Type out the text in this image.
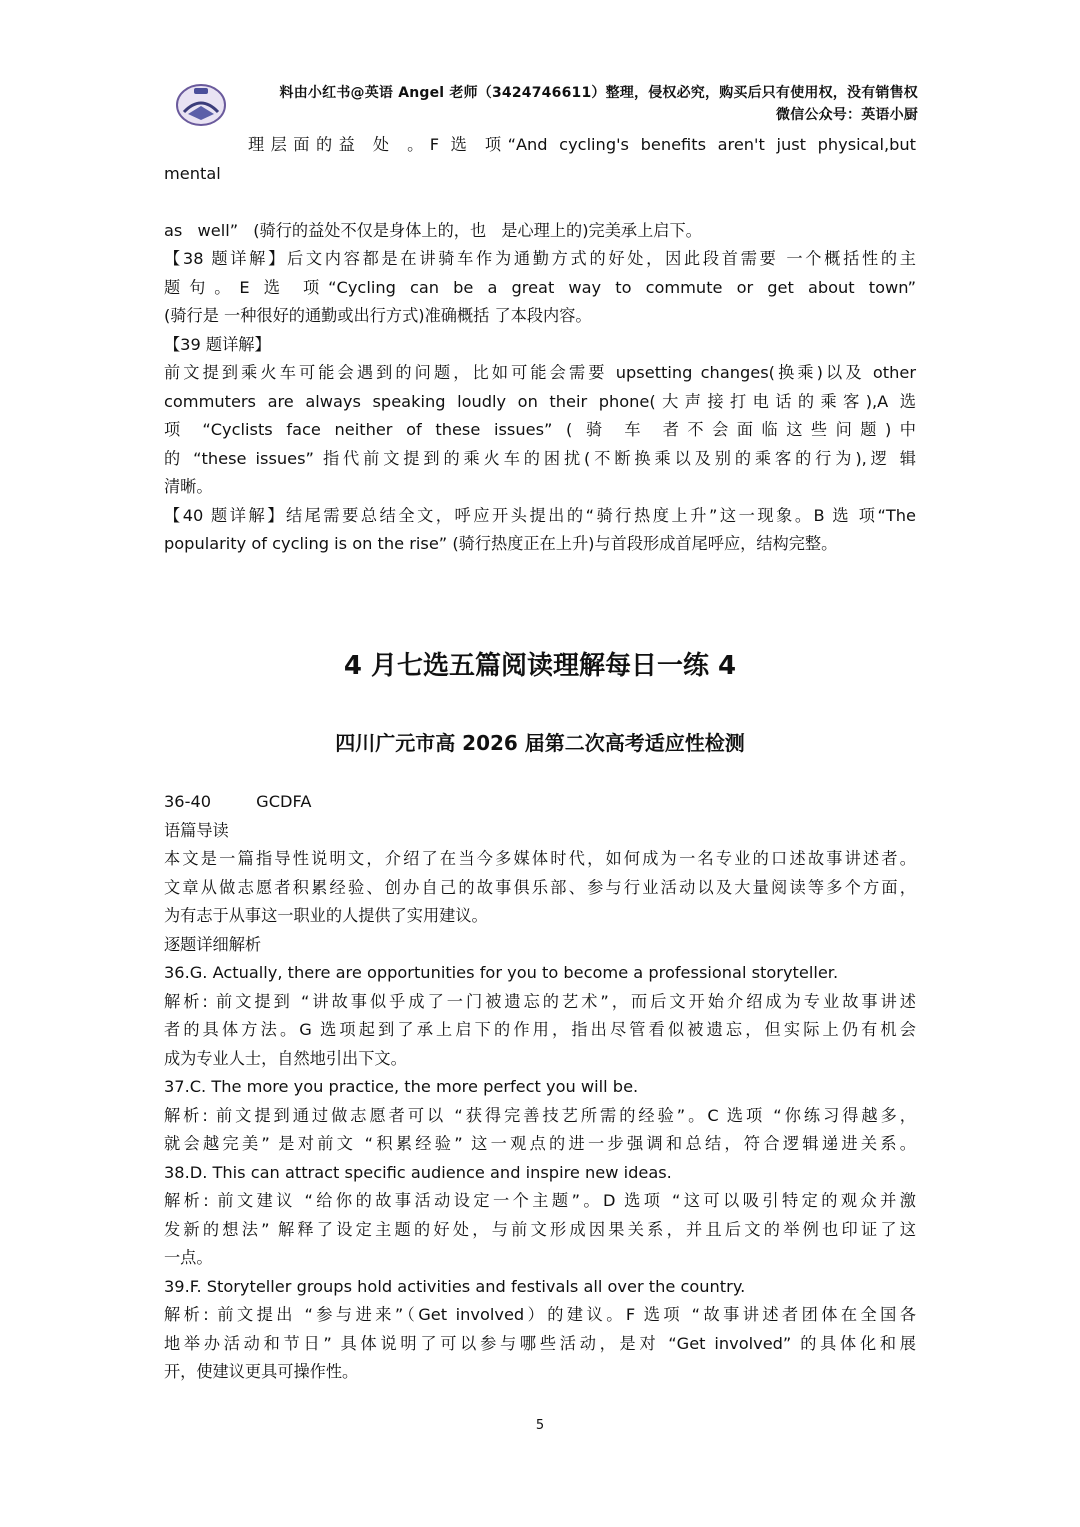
料由小红书@英语 Angel 老师（3424746611）整理，侵权必究，购买后只有使用权，没有销售权
微信公众号：英语小厨

理层面的益 处 。F 选 项“And cycling's benefits aren't just physical,but

mental

as well” (骑行的益处不仅是身体上的，也 是心理上的)完美承上启下。

【38 题详解】后文内容都是在讲骑车作为通勤方式的好处，因此段首需要 一个概括性的主

题句。E 选 项“Cycling can be a great way to commute or get about town”

(骑行是 一种很好的通勤或出行方式)准确概括 了本段内容。

【39 题详解】

前文提到乘火车可能会遇到的问题，比如可能会需要 upsetting changes(换乘)以及 other

commuters are always speaking loudly on their phone(大声接打电话的乘客),A 选

项 “Cyclists face neither of these issues” ( 骑 车 者不会面临这些问题)中

的 “these issues” 指代前文提到的乘火车的困扰(不断换乘以及别的乘客的行为),逻 辑

清晰。

【40 题详解】结尾需要总结全文，呼应开头提出的“骑行热度上升”这一现象。B 选 项“The

popularity of cycling is on the rise” (骑行热度正在上升)与首段形成首尾呼应，结构完整。

4 月七选五篇阅读理解每日一练 4
四川广元市高 2026 届第二次高考适应性检测

36-40 GCDFA

语篇导读

本文是一篇指导性说明文，介绍了在当今多媒体时代，如何成为一名专业的口述故事讲述者。

文章从做志愿者积累经验、创办自己的故事俱乐部、参与行业活动以及大量阅读等多个方面，

为有志于从事这一职业的人提供了实用建议。

逐题详细解析

36.G. Actually, there are opportunities for you to become a professional storyteller.

解析: 前文提到 “讲故事似乎成了一门被遗忘的艺术”，而后文开始介绍成为专业故事讲述

者的具体方法。G 选项起到了承上启下的作用，指出尽管看似被遗忘，但实际上仍有机会

成为专业人士，自然地引出下文。

37.C. The more you practice, the more perfect you will be.

解析: 前文提到通过做志愿者可以 “获得完善技艺所需的经验”。C 选项 “你练习得越多，

就会越完美” 是对前文 “积累经验” 这一观点的进一步强调和总结，符合逻辑递进关系。

38.D. This can attract specific audience and inspire new ideas.

解析: 前文建议 “给你的故事活动设定一个主题”。D 选项 “这可以吸引特定的观众并激

发新的想法” 解释了设定主题的好处，与前文形成因果关系，并且后文的举例也印证了这

一点。

39.F. Storyteller groups hold activities and festivals all over the country.

解析: 前文提出 “参与进来”（Get involved）的建议。F 选项 “故事讲述者团体在全国各

地举办活动和节日” 具体说明了可以参与哪些活动，是对 “Get involved” 的具体化和展

开，使建议更具可操作性。

5
